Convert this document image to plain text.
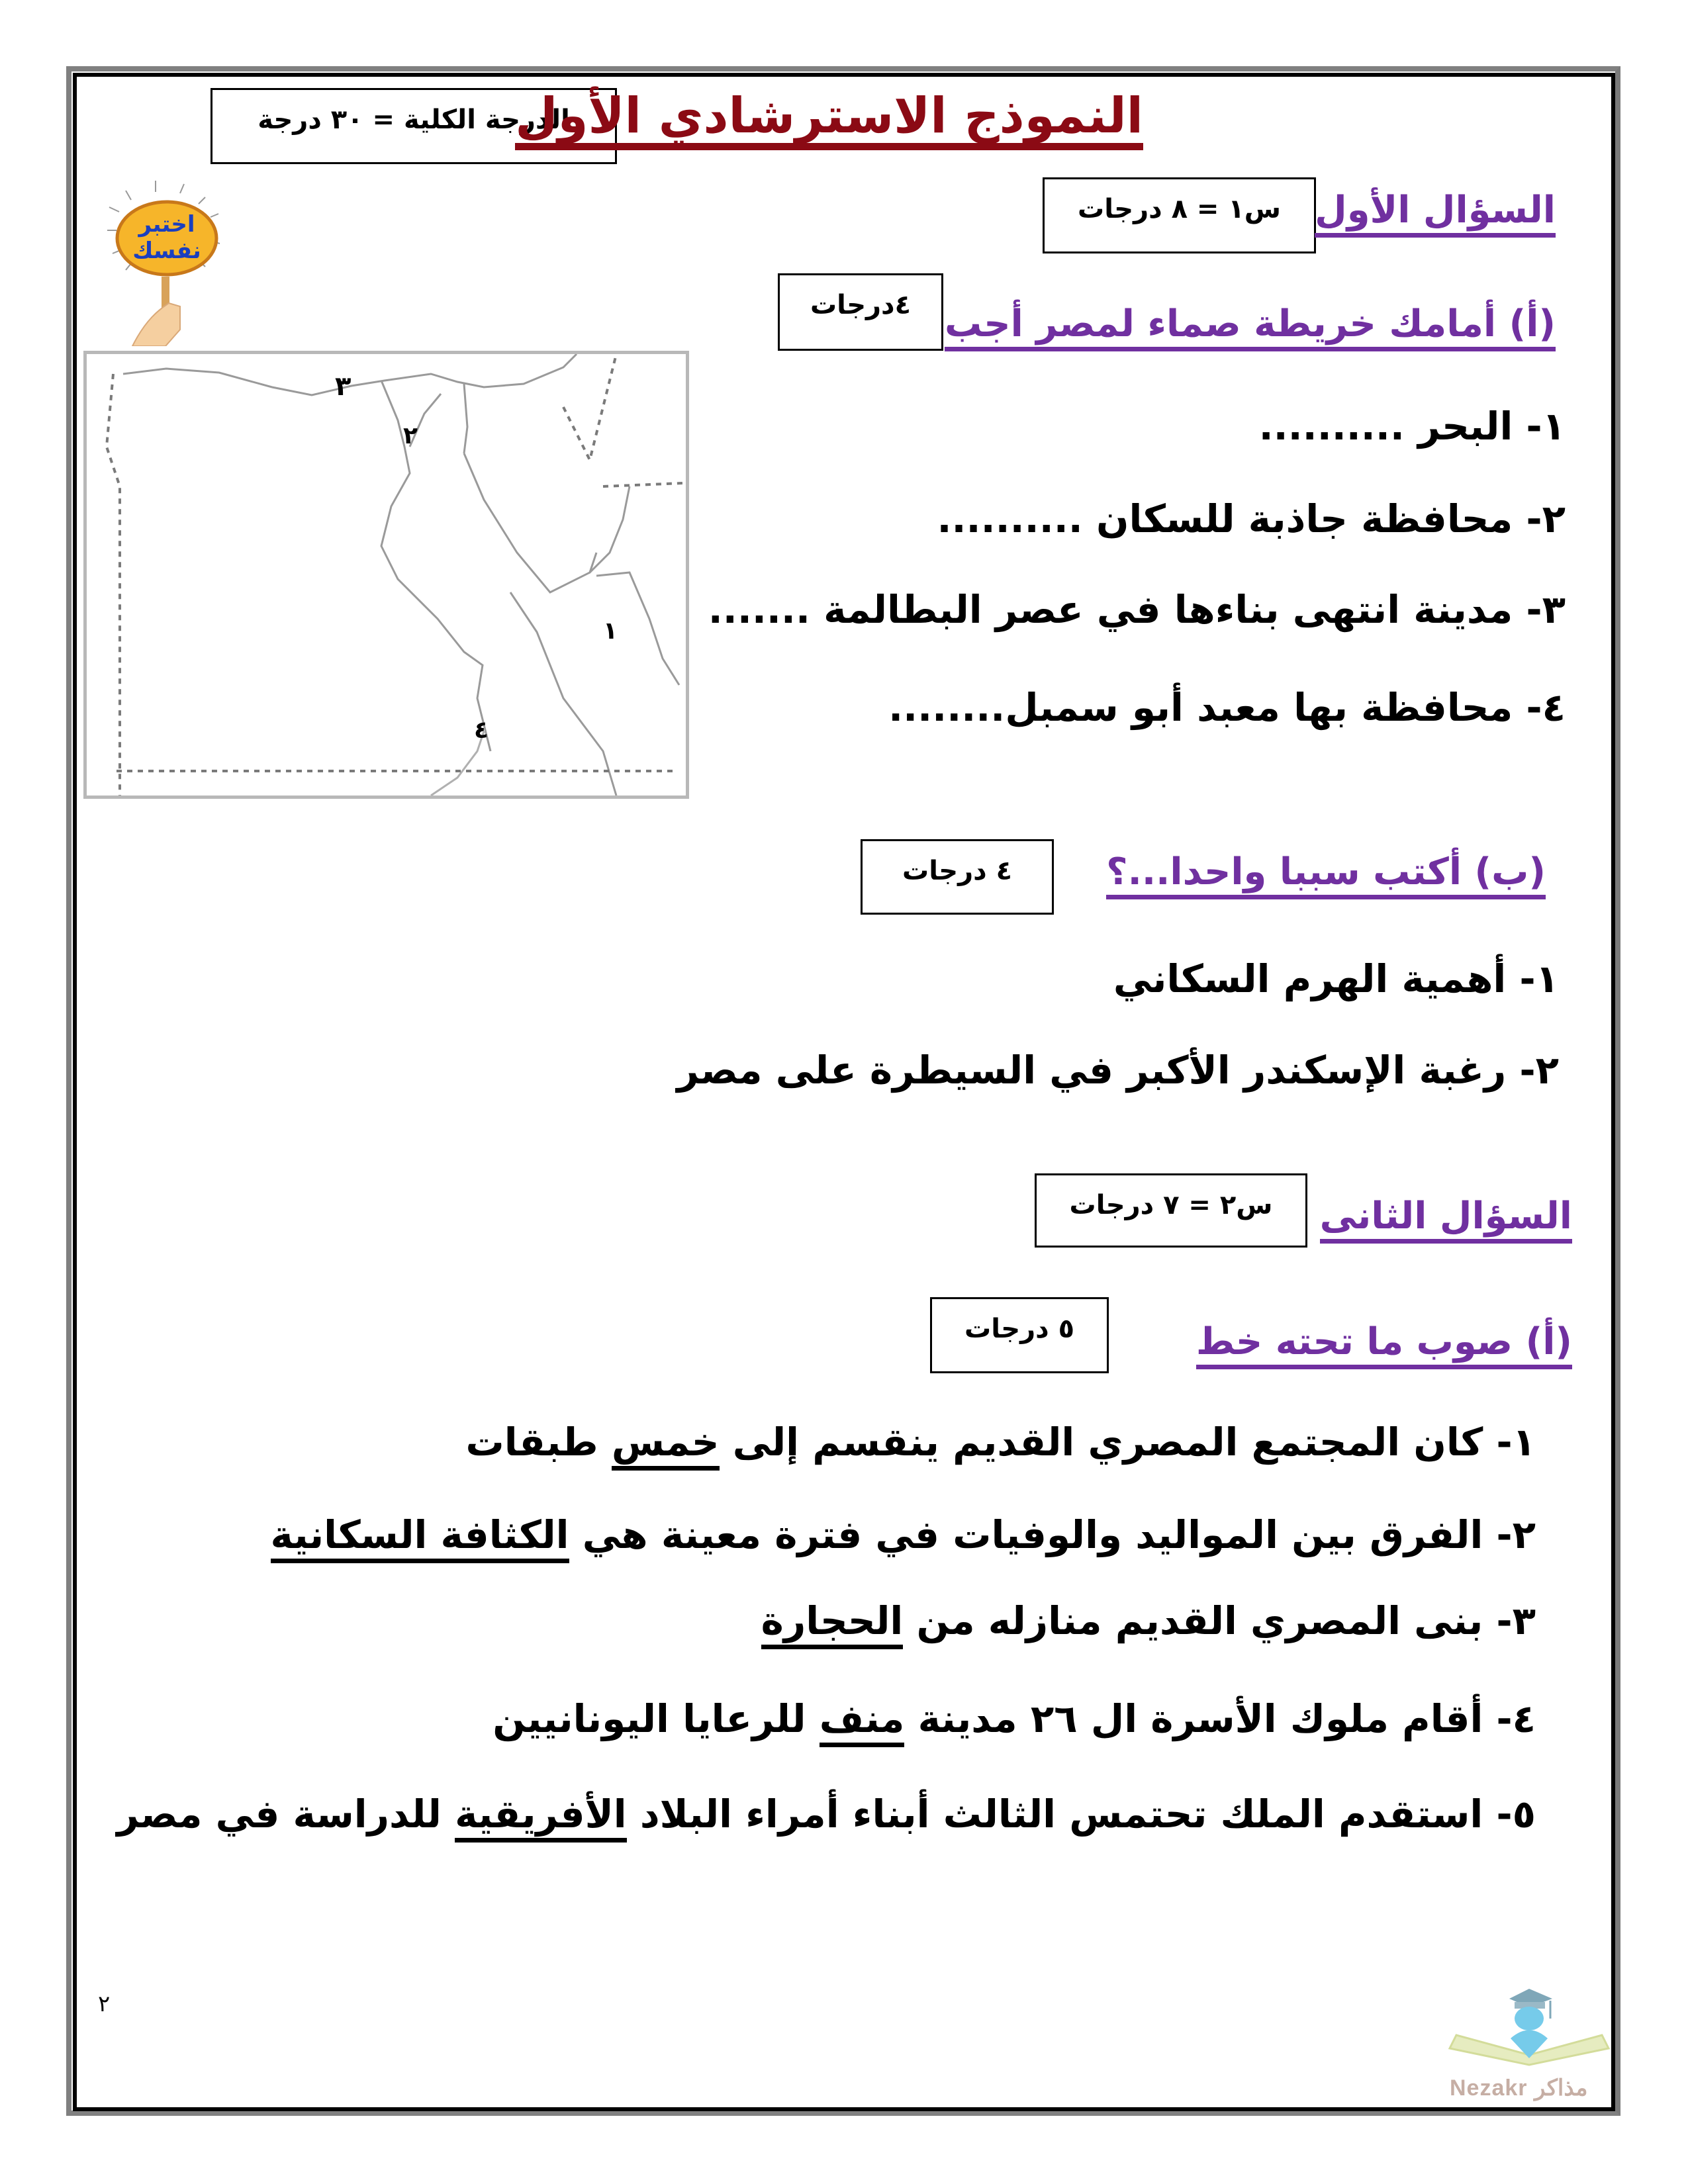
الدرجة الكلية = ٣٠ درجة
النموذج الاسترشادي الأول
اختبر
نفسك
س١ = ٨ درجات السؤال الأول
٤درجات (أ) أمامك خريطة صماء لمصر أجب
١- البحر ..........
٢- محافظة جاذبة للسكان ..........
٣- مدينة انتهى بناءها في عصر البطالمة .......
٤- محافظة بها معبد أبو سمبل........
٣
٢
١
٤
٤ درجات	(ب) أكتب سببا واحدا...؟
١- أهمية الهرم السكاني
٢- رغبة الإسكندر الأكبر في السيطرة على مصر
س٢ = ٧ درجات السؤال الثانى
٥ درجات	(أ) صوب ما تحته خط
١- كان المجتمع المصري القديم ينقسم إلى خمس طبقات
٢- الفرق بين المواليد والوفيات في فترة معينة هي الكثافة السكانية
٣- بنى المصري القديم منازله من الحجارة
٤- أقام ملوك الأسرة ال ٢٦ مدينة منف للرعايا اليونانيين
٥- استقدم الملك تحتمس الثالث أبناء أمراء البلاد الأفريقية للدراسة في مصر
٢
Nezakr مذاكر
